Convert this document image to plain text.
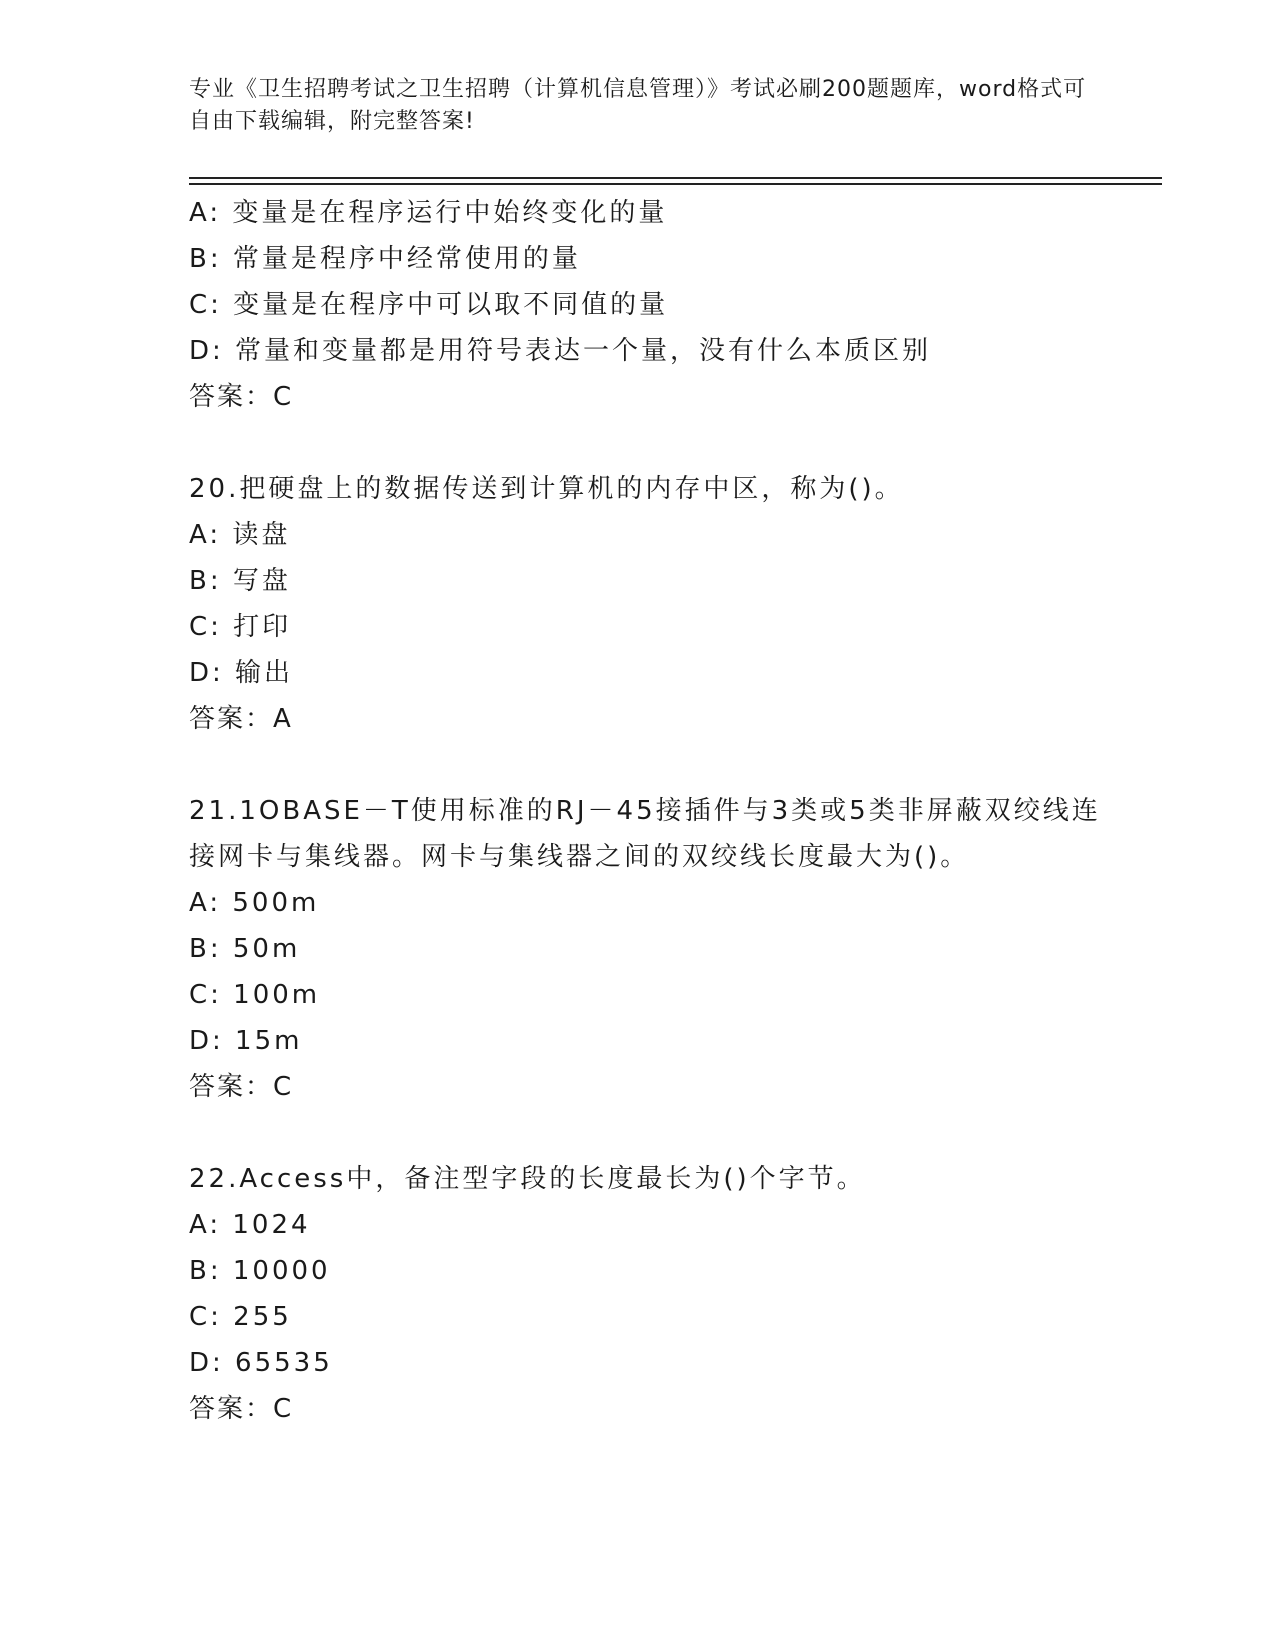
专业《卫生招聘考试之卫生招聘（计算机信息管理）》考试必刷200题题库，word格式可自由下载编辑，附完整答案!
A: 变量是在程序运行中始终变化的量
B: 常量是程序中经常使用的量
C: 变量是在程序中可以取不同值的量
D: 常量和变量都是用符号表达一个量，没有什么本质区别
答案：C
20.把硬盘上的数据传送到计算机的内存中区，称为()。
A: 读盘
B: 写盘
C: 打印
D: 输出
答案：A
21.1OBASE－T使用标准的RJ－45接插件与3类或5类非屏蔽双绞线连接网卡与集线器。网卡与集线器之间的双绞线长度最大为()。
A: 500m
B: 50m
C: 100m
D: 15m
答案：C
22.Access中，备注型字段的长度最长为()个字节。
A: 1024
B: 10000
C: 255
D: 65535
答案：C
